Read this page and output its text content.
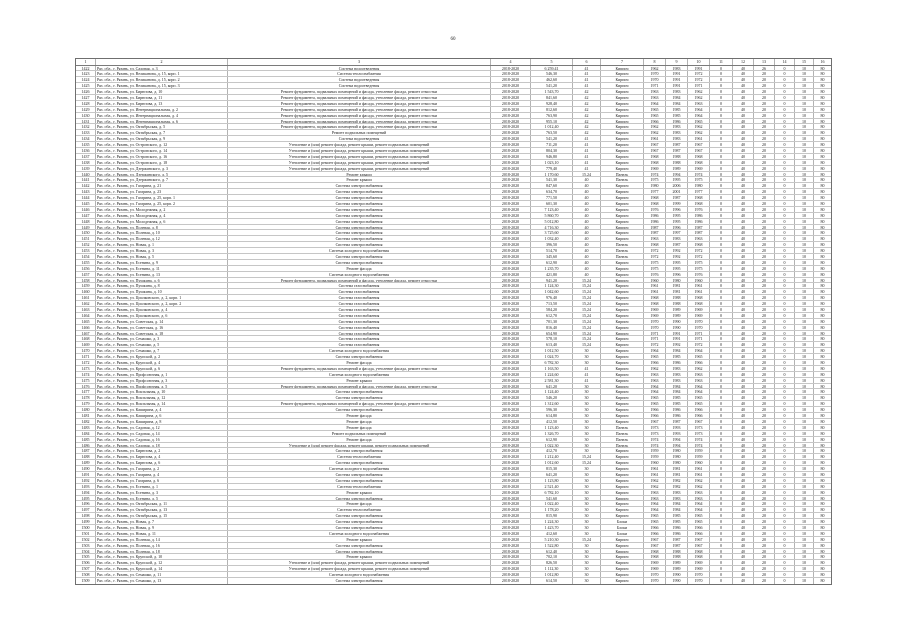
60
1	2	3	4	5	6	7	8	9	10	11	12	13	14	15	16
1422	Ряз. обл., г. Рязань, ул. Садовая, д. 3	Система водоотведения	2018-2020	6 259,41	41	Кирпич	1962	1983	1991	0	40	26	0	10	80
1423	Ряз. обл., г. Рязань, ул. Великанова, д. 15, корп. 1	Система теплоснабжения	2018-2020	546,30	41	Кирпич	1970	1991	1972	0	40	20	0	10	80
1424	Ряз. обл., г. Рязань, ул. Великанова, д. 15, корп. 2	Система водоотведения	2018-2020	462,60	41	Кирпич	1970	1991	1972	0	40	20	0	10	80
1425	Ряз. обл., г. Рязань, ул. Великанова, д. 15, корп. 3	Система водоотведения	2018-2020	541,20	41	Кирпич	1971	1991	1971	0	40	20	0	10	80
1426	Ряз. обл., г. Рязань, ул. Бирюзова, д. 10	Ремонт фундамента, подвальных помещений и фасада, утепление фасада, ремонт отмостки	2018-2020	1 543,70	42	Кирпич	1963	1983	1962	0	40	20	0	10	80
1427	Ряз. обл., г. Рязань, ул. Бирюзова, д. 11	Ремонт фундамента, подвальных помещений и фасада, утепление фасада, ремонт отмостки	2018-2020	841,60	42	Кирпич	1963	1984	1962	0	40	20	0	10	80
1428	Ряз. обл., г. Рязань, ул. Бирюзова, д. 13	Ремонт фундамента, подвальных помещений и фасада, утепление фасада, ремонт отмостки	2018-2020	928,40	42	Кирпич	1964	1984	1963	0	40	20	0	10	80
1429	Ряз. обл., г. Рязань, ул. Интернациональная, д. 2	Ремонт фундамента, подвальных помещений и фасада, утепление фасада, ремонт отмостки	2018-2020	812,60	42	Кирпич	1965	1985	1964	0	40	20	0	10	80
1430	Ряз. обл., г. Рязань, ул. Интернациональная, д. 4	Ремонт фундамента, подвальных помещений и фасада, утепление фасада, ремонт отмостки	2018-2020	763,90	42	Кирпич	1965	1985	1964	0	40	20	0	10	80
1431	Ряз. обл., г. Рязань, ул. Интернациональная, д. 6	Ремонт фундамента, подвальных помещений и фасада, утепление фасада, ремонт отмостки	2018-2020	955,10	42	Кирпич	1966	1986	1965	0	40	20	0	10	80
1432	Ряз. обл., г. Рязань, ул. Октябрьская, д. 5	Ремонт фундамента, подвальных помещений и фасада, утепление фасада, ремонт отмостки	2018-2020	1 012,40	42	Кирпич	1962	1983	1962	0	40	20	0	10	80
1433	Ряз. обл., г. Рязань, ул. Октябрьская, д. 7	Ремонт подвальных помещений	2018-2020	763,50	42	Кирпич	1962	1983	1962	0	40	20	0	10	80
1434	Ряз. обл., г. Рязань, ул. Октябрьская, д. 9	Система водоотведения	2018-2020	541,20	41	Кирпич	1961	1983	1961	0	40	20	0	10	80
1435	Ряз. обл., г. Рязань, ул. Островского, д. 12	Утепление и (или) ремонт фасада, ремонт крыши, ремонт подвальных помещений	2018-2020	711,20	41	Кирпич	1967	1987	1967	0	40	20	0	10	80
1436	Ряз. обл., г. Рязань, ул. Островского, д. 14	Утепление и (или) ремонт фасада, ремонт крыши, ремонт подвальных помещений	2018-2020	804,30	41	Кирпич	1967	1987	1967	0	40	20	0	10	80
1437	Ряз. обл., г. Рязань, ул. Островского, д. 16	Утепление и (или) ремонт фасада, ремонт крыши, ремонт подвальных помещений	2018-2020	946,80	41	Кирпич	1968	1988	1968	0	40	20	0	10	80
1438	Ряз. обл., г. Рязань, ул. Островского, д. 18	Утепление и (или) ремонт фасада, ремонт крыши, ремонт подвальных помещений	2018-2020	1 023,10	41	Кирпич	1968	1988	1968	0	40	20	0	10	80
1439	Ряз. обл., г. Рязань, ул. Дзержинского, д. 3	Утепление и (или) ремонт фасада, ремонт крыши, ремонт подвальных помещений	2018-2020	779,40	41	Кирпич	1969	1989	1969	0	40	20	0	10	80
1440	Ряз. обл., г. Рязань, ул. Дзержинского, д. 5	Ремонт крыши	2018-2020	1 170,60	15,24	Панель	1974	1994	1974	0	40	20	0	10	80
1441	Ряз. обл., г. Рязань, ул. Дзержинского, д. 7	Ремонт крыши	2018-2020	541,30	40	Панель	1975	1995	1975	0	40	20	0	10	80
1442	Ряз. обл., г. Рязань, ул. Гагарина, д. 21	Система электроснабжения	2018-2020	847,60	40	Кирпич	1980	2006	1980	0	40	20	0	10	80
1443	Ряз. обл., г. Рязань, ул. Гагарина, д. 23	Система электроснабжения	2018-2020	634,70	40	Кирпич	1977	2001	1977	0	40	20	0	10	80
1444	Ряз. обл., г. Рязань, ул. Гагарина, д. 25, корп. 1	Система электроснабжения	2018-2020	771,50	40	Кирпич	1968	1987	1968	0	40	20	0	10	80
1445	Ряз. обл., г. Рязань, ул. Гагарина, д. 25, корп. 2	Система электроснабжения	2018-2020	601,30	40	Кирпич	1968	1999	1968	0	40	20	0	10	80
1446	Ряз. обл., г. Рязань, ул. Молодежная, д. 2	Система электроснабжения	2018-2020	7 123,40	40	Кирпич	1976	1996	1976	0	40	20	0	10	80
1447	Ряз. обл., г. Рязань, ул. Молодежная, д. 4	Система электроснабжения	2018-2020	5 860,70	40	Кирпич	1986	1995	1986	0	40	20	0	10	80
1448	Ряз. обл., г. Рязань, ул. Молодежная, д. 6	Система электроснабжения	2018-2020	5 012,80	40	Кирпич	1986	1995	1986	0	40	20	0	10	80
1449	Ряз. обл., г. Рязань, ул. Полевая, д. 8	Система электроснабжения	2018-2020	4 716,30	40	Кирпич	1987	1996	1987	0	40	20	0	10	80
1450	Ряз. обл., г. Рязань, ул. Полевая, д. 10	Система электроснабжения	2018-2020	3 725,60	40	Кирпич	1987	1997	1987	0	40	20	0	10	80
1451	Ряз. обл., г. Рязань, ул. Полевая, д. 12	Система электроснабжения	2018-2020	1 032,40	40	Кирпич	1963	1983	1963	0	40	20	0	10	80
1452	Ряз. обл., г. Рязань, ул. Новая, д. 1	Система электроснабжения	2018-2020	396,50	40	Панель	1968	1987	1968	0	40	20	0	10	80
1453	Ряз. обл., г. Рязань, ул. Новая, д. 3	Система холодного водоснабжения	2018-2020	514,70	40	Панель	1972	1992	1972	0	40	20	0	10	80
1454	Ряз. обл., г. Рязань, ул. Новая, д. 5	Система электроснабжения	2018-2020	345,60	40	Панель	1972	1992	1972	0	40	20	0	10	80
1455	Ряз. обл., г. Рязань, ул. Есенина, д. 9	Система электроснабжения	2018-2020	612,90	40	Кирпич	1975	1995	1975	0	40	20	0	10	80
1456	Ряз. обл., г. Рязань, ул. Есенина, д. 11	Ремонт фасада	2018-2020	1 235,70	40	Кирпич	1975	1995	1975	0	40	20	0	10	80
1457	Ряз. обл., г. Рязань, ул. Есенина, д. 13	Система холодного водоснабжения	2018-2020	421,80	40	Кирпич	1976	1996	1976	0	40	20	0	10	80
1458	Ряз. обл., г. Рязань, ул. Пушкина, д. 6	Ремонт фундамента, подвальных помещений и фасада, утепление фасада, ремонт отмостки	2018-2020	941,20	15,24	Кирпич	1960	1980	1960	0	40	20	0	10	80
1459	Ряз. обл., г. Рязань, ул. Пушкина, д. 8	Система газоснабжения	2018-2020	1 124,30	15,24	Кирпич	1961	1981	1961	0	40	20	0	10	80
1460	Ряз. обл., г. Рязань, ул. Пушкина, д. 10	Система газоснабжения	2018-2020	1 042,60	15,24	Кирпич	1961	1981	1961	0	40	20	0	10	80
1461	Ряз. обл., г. Рязань, ул. Циолковского, д. 2, корп. 1	Система газоснабжения	2018-2020	976,40	15,24	Кирпич	1968	1988	1968	0	40	20	0	10	80
1462	Ряз. обл., г. Рязань, ул. Циолковского, д. 2, корп. 2	Система газоснабжения	2018-2020	713,50	15,24	Кирпич	1968	1988	1968	0	40	20	0	10	80
1463	Ряз. обл., г. Рязань, ул. Циолковского, д. 4	Система газоснабжения	2018-2020	584,20	15,24	Кирпич	1969	1989	1969	0	40	20	0	10	80
1464	Ряз. обл., г. Рязань, ул. Циолковского, д. 6	Система газоснабжения	2018-2020	612,70	15,24	Кирпич	1969	1989	1969	0	40	20	0	10	80
1465	Ряз. обл., г. Рязань, ул. Советская, д. 14	Система газоснабжения	2018-2020	701,30	15,24	Кирпич	1970	1990	1970	0	40	20	0	10	80
1466	Ряз. обл., г. Рязань, ул. Советская, д. 16	Система газоснабжения	2018-2020	816,40	15,24	Кирпич	1970	1990	1970	0	40	20	0	10	80
1467	Ряз. обл., г. Рязань, ул. Советская, д. 18	Система газоснабжения	2018-2020	654,90	15,24	Кирпич	1971	1991	1971	0	40	20	0	10	80
1468	Ряз. обл., г. Рязань, ул. Семашко, д. 3	Система газоснабжения	2018-2020	578,10	15,24	Кирпич	1971	1991	1971	0	40	20	0	10	80
1469	Ряз. обл., г. Рязань, ул. Семашко, д. 5	Система газоснабжения	2018-2020	613,40	15,24	Кирпич	1972	1992	1972	0	40	20	0	10	80
1470	Ряз. обл., г. Рязань, ул. Семашко, д. 7	Система холодного водоснабжения	2018-2020	1 012,50	30	Кирпич	1964	1984	1964	0	40	20	0	10	80
1471	Ряз. обл., г. Рязань, ул. Крупской, д. 2	Система электроснабжения	2018-2020	1 024,70	30	Кирпич	1965	1985	1965	0	40	20	0	10	80
1472	Ряз. обл., г. Рязань, ул. Крупской, д. 4	Ремонт фасада	2018-2020	6 782,30	30	Кирпич	1966	1986	1966	0	40	20	0	10	80
1473	Ряз. обл., г. Рязань, ул. Крупской, д. 6	Ремонт фундамента, подвальных помещений и фасада, утепление фасада, ремонт отмостки	2018-2020	1 163,50	41	Кирпич	1962	1983	1962	0	40	20	0	10	80
1474	Ряз. обл., г. Рязань, ул. Профсоюзная, д. 1	Система холодного водоснабжения	2018-2020	1 224,60	41	Кирпич	1963	1983	1963	0	40	20	0	10	80
1475	Ряз. обл., г. Рязань, ул. Профсоюзная, д. 3	Ремонт крыши	2018-2020	2 581,30	41	Кирпич	1963	1983	1963	0	40	20	0	10	80
1476	Ряз. обл., г. Рязань, ул. Профсоюзная, д. 5	Ремонт фундамента, подвальных помещений и фасада, утепление фасада, ремонт отмостки	2018-2020	641,20	30	Кирпич	1964	1984	1964	0	40	20	0	10	80
1477	Ряз. обл., г. Рязань, ул. Вокзальная, д. 10	Система электроснабжения	2018-2020	1 124,40	30	Кирпич	1964	1984	1964	0	40	20	0	10	80
1478	Ряз. обл., г. Рязань, ул. Вокзальная, д. 12	Система электроснабжения	2018-2020	546,20	30	Кирпич	1965	1985	1965	0	40	20	0	10	80
1479	Ряз. обл., г. Рязань, ул. Вокзальная, д. 14	Ремонт фундамента, подвальных помещений и фасада, утепление фасада, ремонт отмостки	2018-2020	1 312,60	30	Кирпич	1965	1985	1965	0	40	20	0	10	80
1480	Ряз. обл., г. Рязань, ул. Каширина, д. 4	Система электроснабжения	2018-2020	596,30	30	Кирпич	1966	1986	1966	0	40	20	0	10	80
1481	Ряз. обл., г. Рязань, ул. Каширина, д. 6	Ремонт фасада	2018-2020	614,80	30	Кирпич	1966	1986	1966	0	40	20	0	10	80
1482	Ряз. обл., г. Рязань, ул. Каширина, д. 8	Ремонт фасада	2018-2020	412,50	30	Кирпич	1967	1987	1967	0	40	20	0	10	80
1483	Ряз. обл., г. Рязань, ул. Садовая, д. 12	Ремонт фасада	2018-2020	1 123,40	30	Панель	1973	1993	1973	0	40	20	0	10	80
1484	Ряз. обл., г. Рязань, ул. Садовая, д. 14	Ремонт подвальных помещений	2018-2020	1 326,70	30	Панель	1973	1993	1973	0	40	20	0	10	80
1485	Ряз. обл., г. Рязань, ул. Садовая, д. 16	Ремонт фасада	2018-2020	612,90	30	Панель	1974	1994	1974	0	40	20	0	10	80
1486	Ряз. обл., г. Рязань, ул. Садовая, д. 18	Утепление и (или) ремонт фасада, ремонт крыши, ремонт подвальных помещений	2018-2020	1 022,30	30	Панель	1974	1994	1974	0	40	20	0	10	80
1487	Ряз. обл., г. Рязань, ул. Бирюзова, д. 2	Система электроснабжения	2018-2020	412,70	30	Кирпич	1959	1980	1959	0	40	20	0	10	80
1488	Ряз. обл., г. Рязань, ул. Бирюзова, д. 4	Система теплоснабжения	2018-2020	1 212,40	15,24	Кирпич	1959	1980	1959	0	40	20	0	10	80
1489	Ряз. обл., г. Рязань, ул. Бирюзова, д. 6	Система электроснабжения	2018-2020	1 012,60	15,24	Кирпич	1960	1980	1960	0	40	20	0	10	80
1490	Ряз. обл., г. Рязань, ул. Гагарина, д. 2	Система холодного водоснабжения	2018-2020	815,30	30	Кирпич	1961	1981	1961	0	40	20	0	10	80
1491	Ряз. обл., г. Рязань, ул. Гагарина, д. 4	Система электроснабжения	2018-2020	641,20	30	Кирпич	1961	1981	1961	0	40	20	0	10	80
1492	Ряз. обл., г. Рязань, ул. Гагарина, д. 6	Система электроснабжения	2018-2020	1 123,80	30	Кирпич	1962	1982	1962	0	40	20	0	10	80
1493	Ряз. обл., г. Рязань, ул. Есенина, д. 1	Система теплоснабжения	2018-2020	2 521,40	30	Кирпич	1962	1982	1962	0	40	20	0	10	80
1494	Ряз. обл., г. Рязань, ул. Есенина, д. 3	Ремонт крыши	2018-2020	6 782,10	30	Кирпич	1963	1983	1963	0	40	20	0	10	80
1495	Ряз. обл., г. Рязань, ул. Есенина, д. 5	Система электроснабжения	2018-2020	541,60	30	Кирпич	1963	1983	1963	0	40	20	0	10	80
1496	Ряз. обл., г. Рязань, ул. Октябрьская, д. 11	Ремонт фасада	2018-2020	1 022,40	30	Кирпич	1964	1984	1964	0	40	20	0	10	80
1497	Ряз. обл., г. Рязань, ул. Октябрьская, д. 13	Система теплоснабжения	2018-2020	1 178,20	30	Кирпич	1964	1984	1964	0	40	20	0	10	80
1498	Ряз. обл., г. Рязань, ул. Октябрьская, д. 15	Система электроснабжения	2018-2020	815,90	30	Кирпич	1965	1985	1965	0	40	20	0	10	80
1499	Ряз. обл., г. Рязань, ул. Новая, д. 7	Система электроснабжения	2018-2020	1 224,30	30	Блоки	1965	1985	1965	0	40	20	0	10	80
1500	Ряз. обл., г. Рязань, ул. Новая, д. 9	Система электроснабжения	2018-2020	1 423,70	30	Блоки	1966	1986	1966	0	40	20	0	10	80
1501	Ряз. обл., г. Рязань, ул. Новая, д. 11	Система холодного водоснабжения	2018-2020	412,60	30	Блоки	1966	1986	1966	0	40	20	0	10	80
1502	Ряз. обл., г. Рязань, ул. Полевая, д. 14	Ремонт крыши	2018-2020	5 210,30	15,24	Кирпич	1967	1987	1967	0	40	20	0	10	80
1503	Ряз. обл., г. Рязань, ул. Полевая, д. 16	Система электроснабжения	2018-2020	1 522,80	30	Кирпич	1967	1987	1967	0	40	20	0	10	80
1504	Ряз. обл., г. Рязань, ул. Полевая, д. 18	Система электроснабжения	2018-2020	612,40	30	Кирпич	1968	1988	1968	0	40	20	0	10	80
1505	Ряз. обл., г. Рязань, ул. Крупской, д. 10	Ремонт крыши	2018-2020	702,10	30	Кирпич	1968	1988	1968	0	40	20	0	10	80
1506	Ряз. обл., г. Рязань, ул. Крупской, д. 12	Утепление и (или) ремонт фасада, ремонт крыши, ремонт подвальных помещений	2018-2020	826,50	30	Кирпич	1969	1989	1969	0	40	20	0	10	80
1507	Ряз. обл., г. Рязань, ул. Крупской, д. 14	Утепление и (или) ремонт фасада, ремонт крыши, ремонт подвальных помещений	2018-2020	1 112,30	30	Кирпич	1969	1989	1969	0	40	20	0	10	80
1508	Ряз. обл., г. Рязань, ул. Семашко, д. 11	Система холодного водоснабжения	2018-2020	1 012,80	30	Кирпич	1970	1990	1970	0	40	20	0	10	80
1509	Ряз. обл., г. Рязань, ул. Семашко, д. 13	Система электроснабжения	2018-2020	614,50	30	Кирпич	1970	1990	1970	0	40	20	0	10	80
